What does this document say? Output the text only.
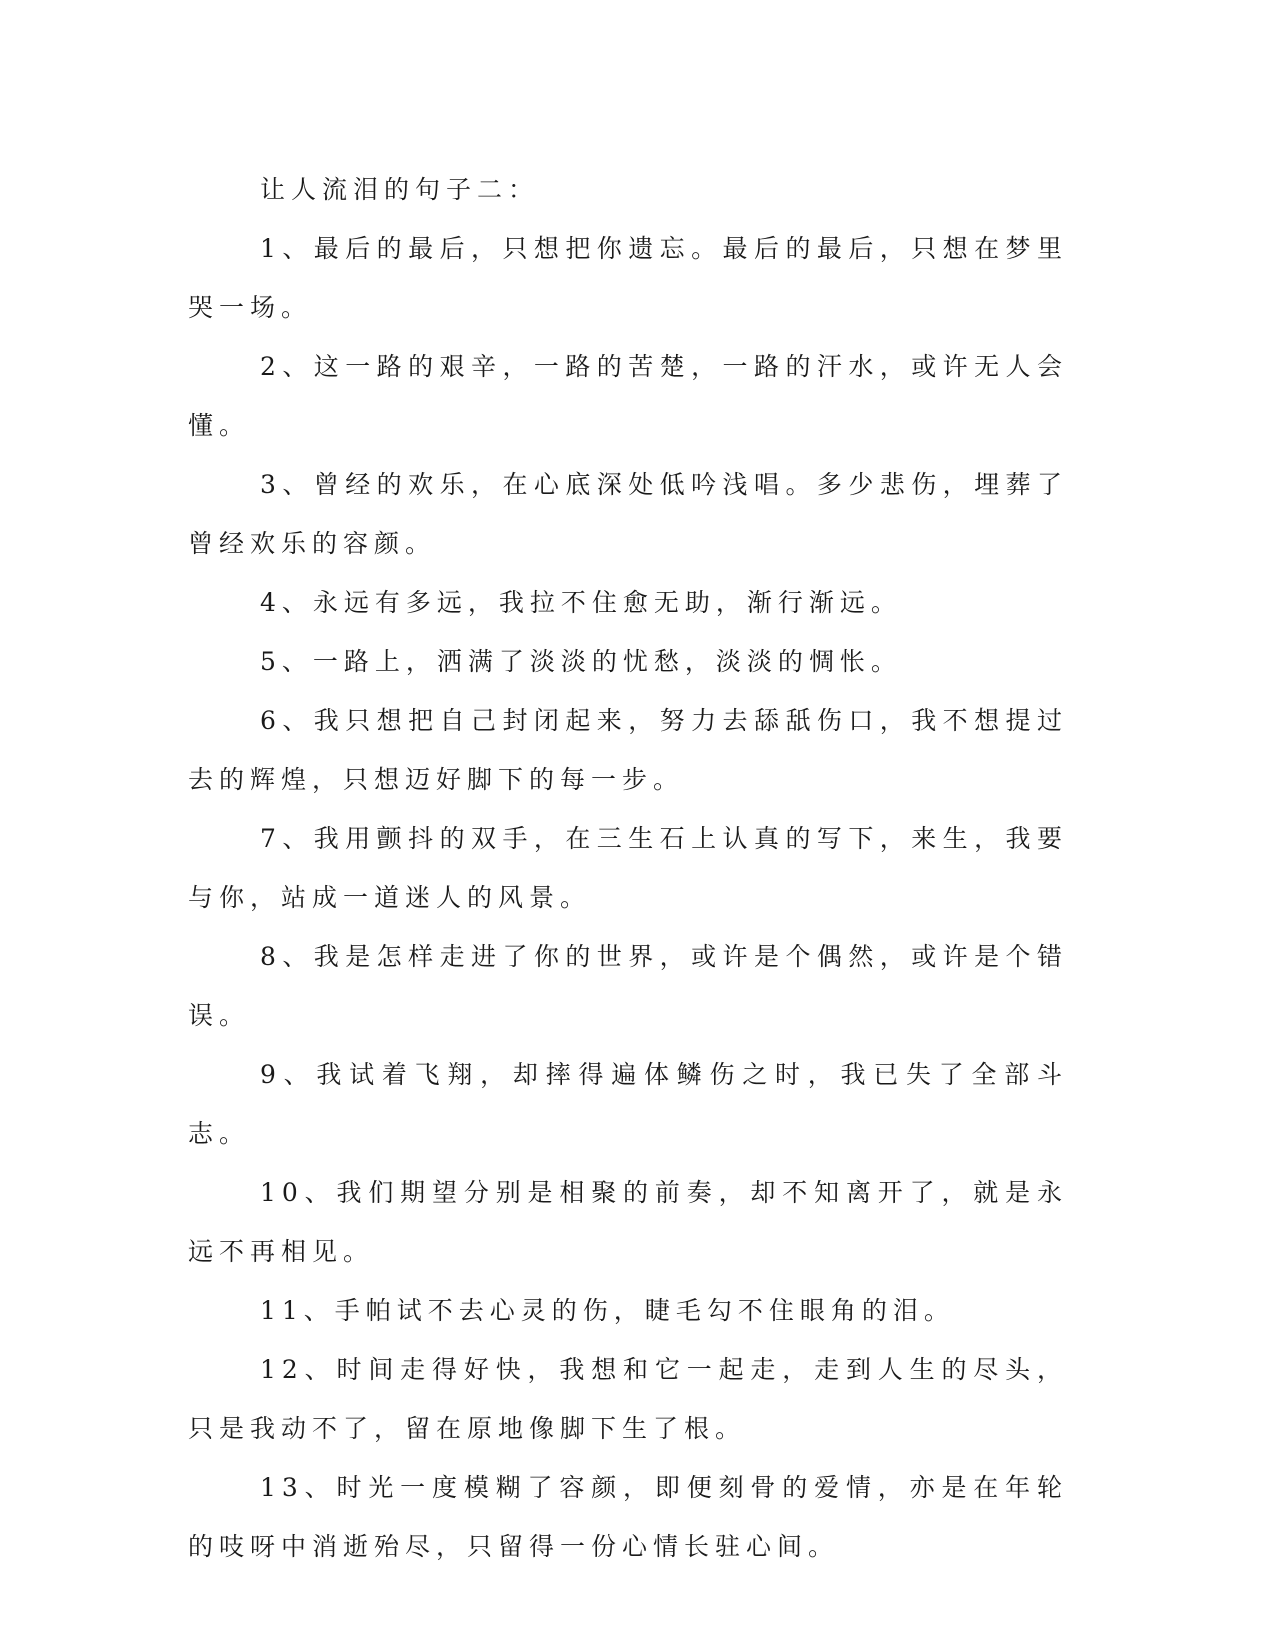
让人流泪的句子二：

1、最后的最后，只想把你遗忘。最后的最后，只想在梦里哭一场。

2、这一路的艰辛，一路的苦楚，一路的汗水，或许无人会懂。

3、曾经的欢乐，在心底深处低吟浅唱。多少悲伤，埋葬了曾经欢乐的容颜。

4、永远有多远，我拉不住愈无助，渐行渐远。

5、一路上，洒满了淡淡的忧愁，淡淡的惆怅。

6、我只想把自己封闭起来，努力去舔舐伤口，我不想提过去的辉煌，只想迈好脚下的每一步。

7、我用颤抖的双手，在三生石上认真的写下，来生，我要与你，站成一道迷人的风景。

8、我是怎样走进了你的世界，或许是个偶然，或许是个错误。

9、我试着飞翔，却摔得遍体鳞伤之时，我已失了全部斗志。

10、我们期望分别是相聚的前奏，却不知离开了，就是永远不再相见。

11、手帕试不去心灵的伤，睫毛勾不住眼角的泪。

12、时间走得好快，我想和它一起走，走到人生的尽头，只是我动不了，留在原地像脚下生了根。

13、时光一度模糊了容颜，即便刻骨的爱情，亦是在年轮的吱呀中消逝殆尽，只留得一份心情长驻心间。
